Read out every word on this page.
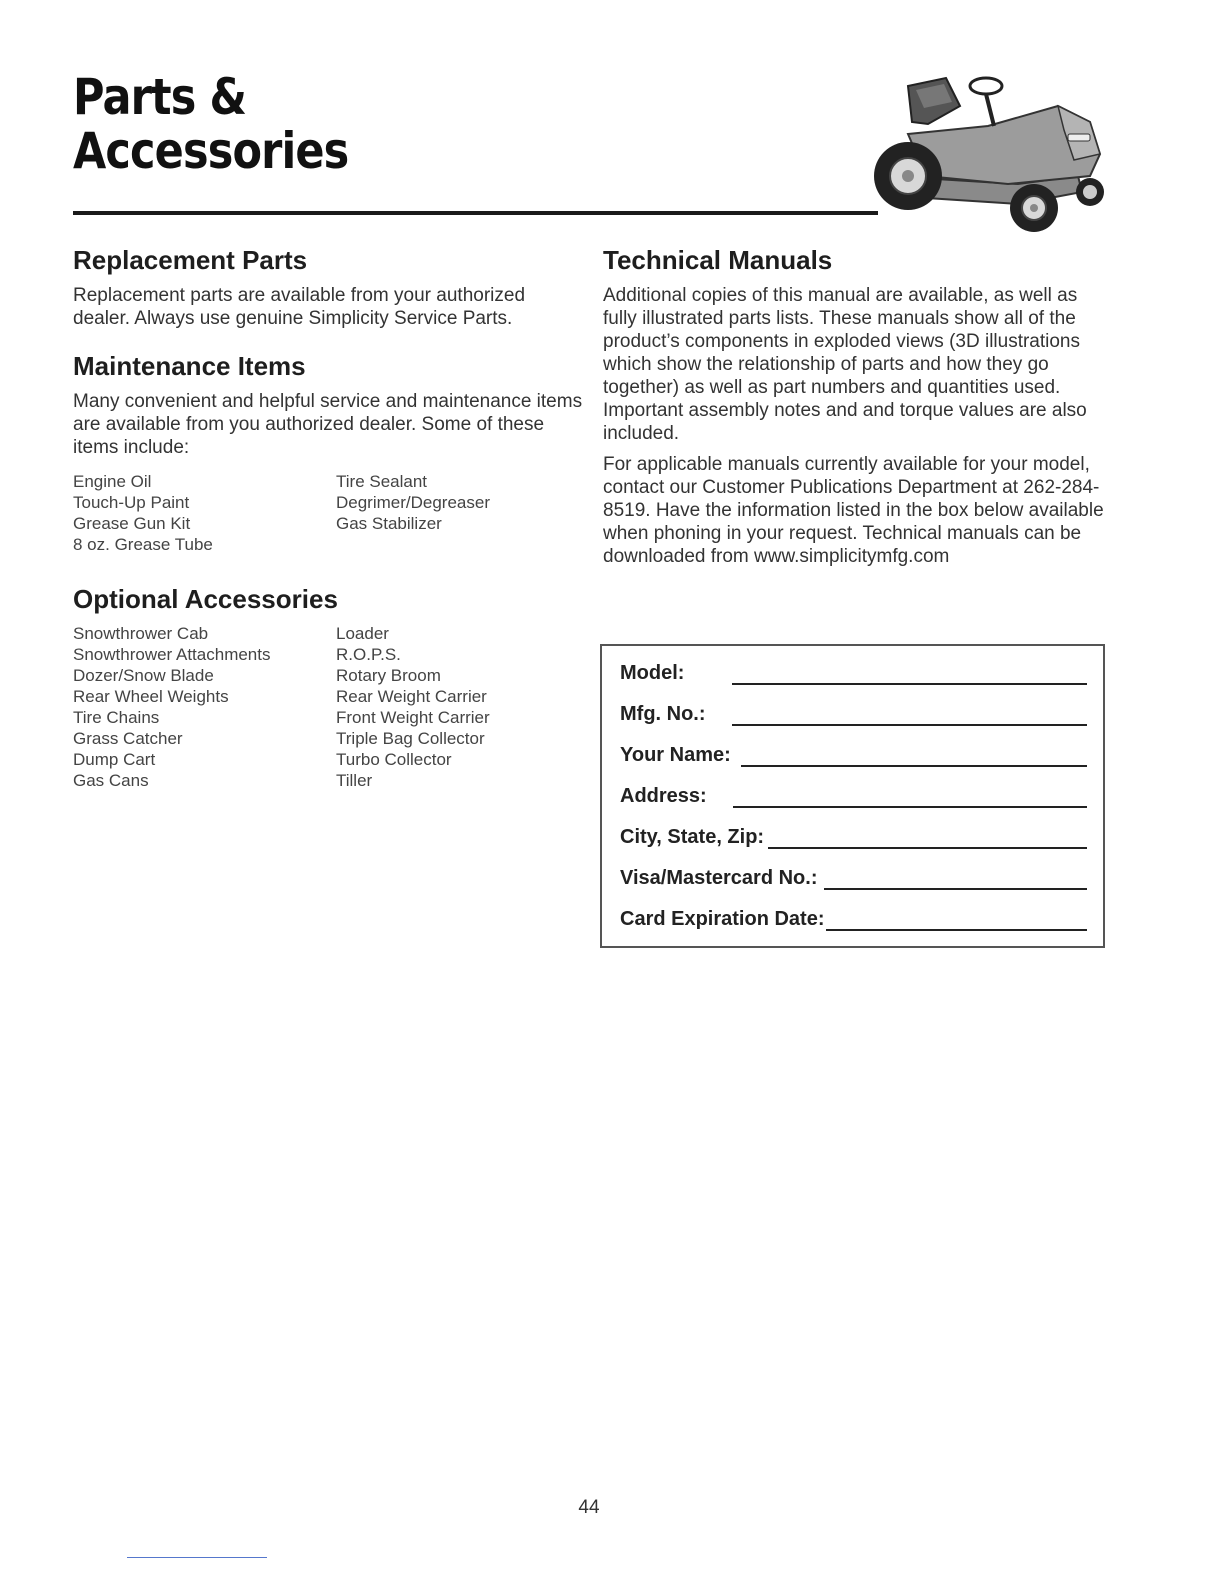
Parts &
Accessories
Replacement Parts

Replacement parts are available from your authorized dealer. Always use genuine Simplicity Service Parts.

Maintenance Items

Many convenient and helpful service and maintenance items are available from you authorized dealer. Some of these items include:

Engine Oil	Tire Sealant
Touch-Up Paint	Degrimer/Degreaser
Grease Gun Kit	Gas Stabilizer
8 oz. Grease Tube
Optional Accessories
Snowthrower Cab	Loader
Snowthrower Attachments	R.O.P.S.
Dozer/Snow Blade	Rotary Broom
Rear Wheel Weights	Rear Weight Carrier
Tire Chains	Front Weight Carrier
Grass Catcher	Triple Bag Collector
Dump Cart	Turbo Collector
Gas Cans	Tiller
Technical Manuals

Additional copies of this manual are available, as well as fully illustrated parts lists. These manuals show all of the product’s components in exploded views (3D illustrations which show the relationship of parts and how they go together) as well as part numbers and quantities used. Important assembly notes and and torque values are also included.

For applicable manuals currently available for your model, contact our Customer Publications Department at 262-284-8519. Have the information listed in the box below available when phoning in your request. Technical manuals can be downloaded from www.simplicitymfg.com

Model:
Mfg. No.:
Your Name:
Address:
City, State, Zip:
Visa/Mastercard No.:
Card Expiration Date:
44
